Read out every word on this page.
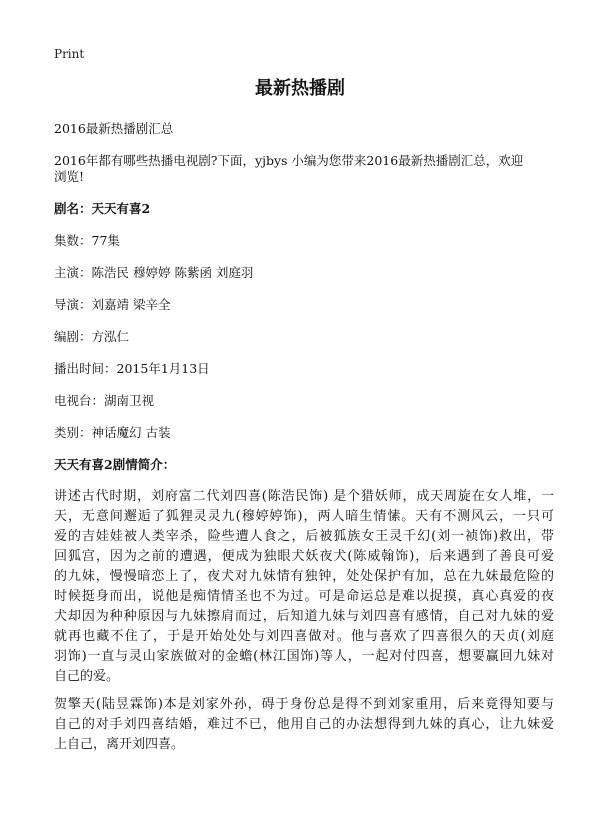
Print
最新热播剧
2016最新热播剧汇总
2016年都有哪些热播电视剧?下面，yjbys 小编为您带来2016最新热播剧汇总，欢迎
浏览!
剧名：天天有喜2
集数：77集
主演：陈浩民 穆婷婷 陈紫函 刘庭羽
导演：刘嘉靖 梁辛全
编剧：方泓仁
播出时间：2015年1月13日
电视台：湖南卫视
类别：神话魔幻 古装
天天有喜2剧情简介：
讲述古代时期，刘府富二代刘四喜(陈浩民饰) 是个猎妖师，成天周旋在女人堆，一
天，无意间邂逅了狐狸灵灵九(穆婷婷饰)，两人暗生情愫。天有不测风云，一只可
爱的吉娃娃被人类宰杀，险些遭人食之，后被狐族女王灵千幻(刘一祯饰)救出，带
回狐宫，因为之前的遭遇，便成为独眼犬妖夜犬(陈威翰饰)，后来遇到了善良可爱
的九妹，慢慢暗恋上了，夜犬对九妹情有独钟，处处保护有加，总在九妹最危险的
时候挺身而出，说他是痴情情圣也不为过。可是命运总是难以捉摸，真心真爱的夜
犬却因为种种原因与九妹擦肩而过，后知道九妹与刘四喜有感情，自己对九妹的爱
就再也藏不住了，于是开始处处与刘四喜做对。他与喜欢了四喜很久的天贞(刘庭
羽饰)一直与灵山家族做对的金蟾(林江国饰)等人，一起对付四喜，想要赢回九妹对
自己的爱。
贺擎天(陆昱霖饰)本是刘家外孙，碍于身份总是得不到刘家重用，后来竟得知要与
自己的对手刘四喜结婚，难过不已，他用自己的办法想得到九妹的真心，让九妹爱
上自己，离开刘四喜。
